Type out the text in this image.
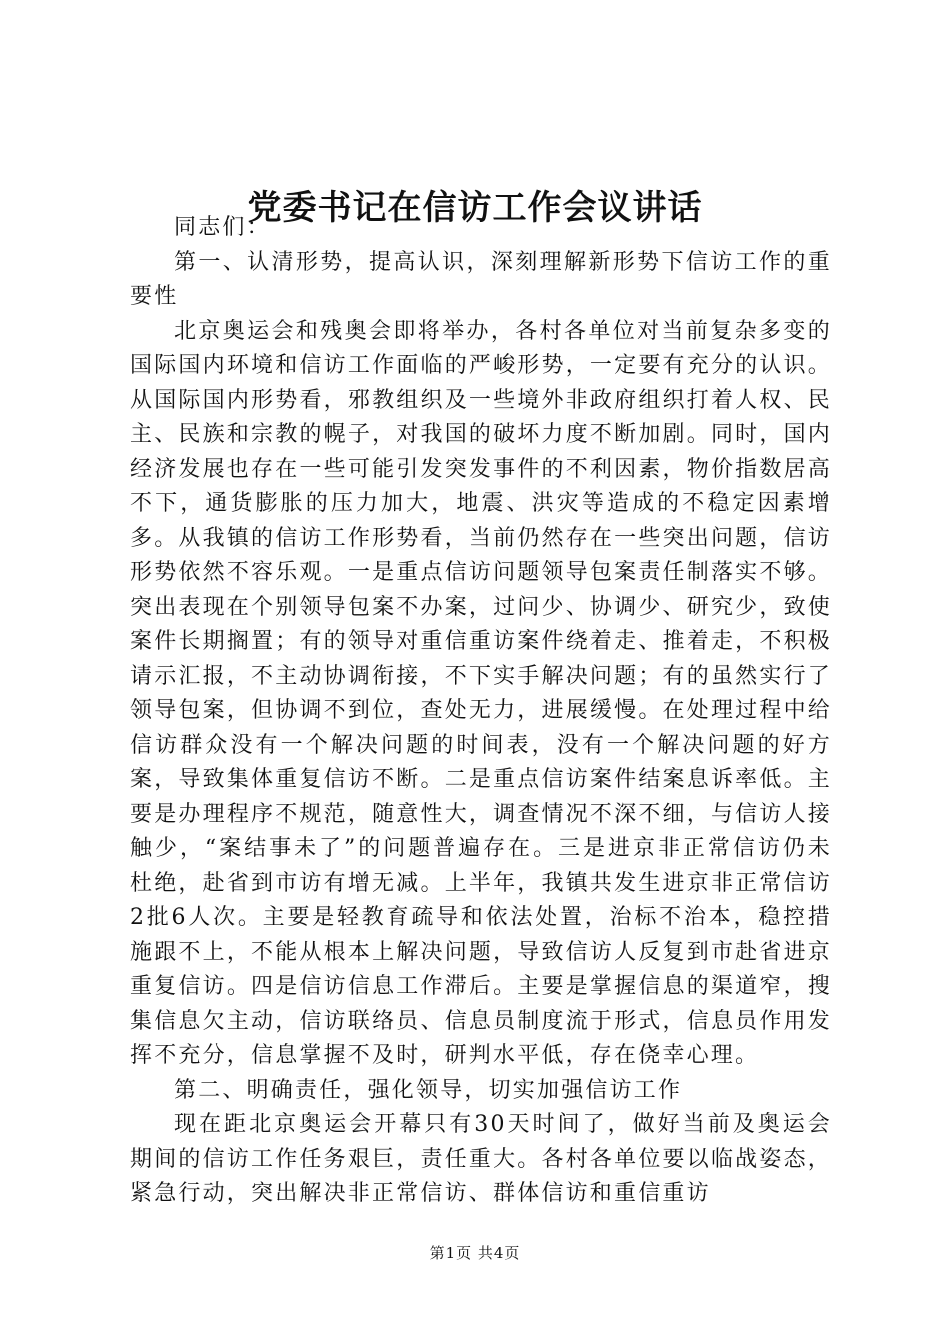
党委书记在信访工作会议讲话

同志们：

第一、认清形势，提高认识，深刻理解新形势下信访工作的重要性

北京奥运会和残奥会即将举办，各村各单位对当前复杂多变的国际国内环境和信访工作面临的严峻形势，一定要有充分的认识。从国际国内形势看，邪教组织及一些境外非政府组织打着人权、民主、民族和宗教的幌子，对我国的破坏力度不断加剧。同时，国内经济发展也存在一些可能引发突发事件的不利因素，物价指数居高不下，通货膨胀的压力加大，地震、洪灾等造成的不稳定因素增多。从我镇的信访工作形势看，当前仍然存在一些突出问题，信访形势依然不容乐观。一是重点信访问题领导包案责任制落实不够。突出表现在个别领导包案不办案，过问少、协调少、研究少，致使案件长期搁置；有的领导对重信重访案件绕着走、推着走，不积极请示汇报，不主动协调衔接，不下实手解决问题；有的虽然实行了领导包案，但协调不到位，查处无力，进展缓慢。在处理过程中给信访群众没有一个解决问题的时间表，没有一个解决问题的好方案，导致集体重复信访不断。二是重点信访案件结案息诉率低。主要是办理程序不规范，随意性大，调查情况不深不细，与信访人接触少，“案结事未了”的问题普遍存在。三是进京非正常信访仍未杜绝，赴省到市访有增无减。上半年，我镇共发生进京非正常信访2批6人次。主要是轻教育疏导和依法处置，治标不治本，稳控措施跟不上，不能从根本上解决问题，导致信访人反复到市赴省进京重复信访。四是信访信息工作滞后。主要是掌握信息的渠道窄，搜集信息欠主动，信访联络员、信息员制度流于形式，信息员作用发挥不充分，信息掌握不及时，研判水平低，存在侥幸心理。

第二、明确责任，强化领导，切实加强信访工作

现在距北京奥运会开幕只有30天时间了，做好当前及奥运会期间的信访工作任务艰巨，责任重大。各村各单位要以临战姿态，紧急行动，突出解决非正常信访、群体信访和重信重访

第1页 共4页
